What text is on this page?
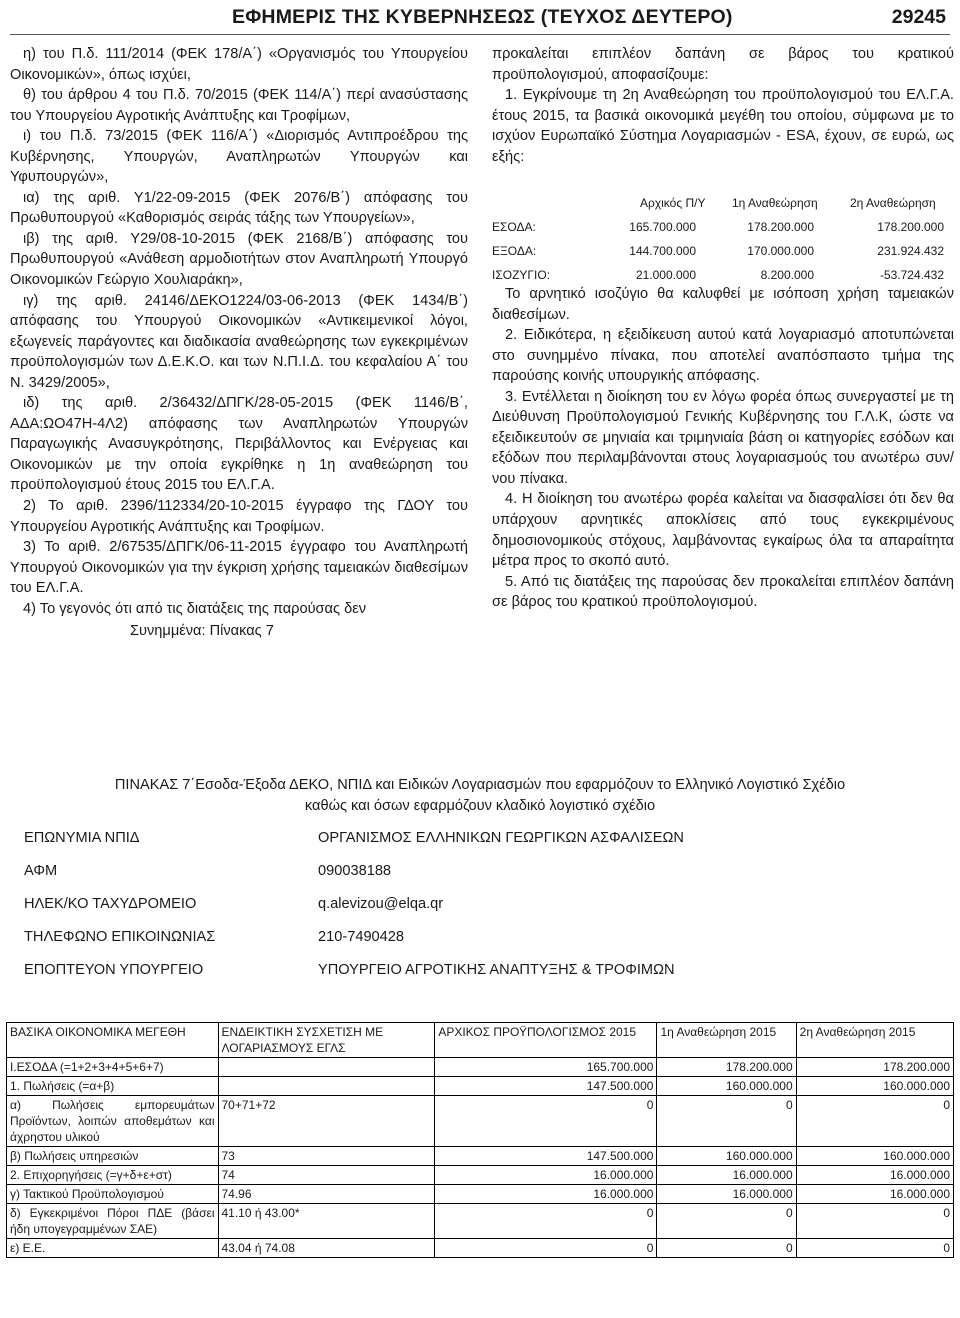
ΕΦΗΜΕΡΙΣ ΤΗΣ ΚΥΒΕΡΝΗΣΕΩΣ (ΤΕΥΧΟΣ ΔΕΥΤΕΡΟ)	29245

η) του Π.δ. 111/2014 (ΦΕΚ 178/Α΄) «Οργανισμός του Υπουργείου Οικονομικών», όπως ισχύει,

θ) του άρθρου 4 του Π.δ. 70/2015 (ΦΕΚ 114/Α΄) περί ανασύστασης του Υπουργείου Αγροτικής Ανάπτυξης και Τροφίμων,

ι) του Π.δ. 73/2015 (ΦΕΚ 116/Α΄) «Διορισμός Αντιπροέδρου της Κυβέρνησης, Υπουργών, Αναπληρωτών Υπουργών και Υφυπουργών»,

ια) της αριθ. Υ1/22-09-2015 (ΦΕΚ 2076/Β΄) απόφασης του Πρωθυπουργού «Καθορισμός σειράς τάξης των Υπουργείων»,

ιβ) της αριθ. Υ29/08-10-2015 (ΦΕΚ 2168/Β΄) απόφασης του Πρωθυπουργού «Ανάθεση αρμοδιοτήτων στον Αναπληρωτή Υπουργό Οικονομικών Γεώργιο Χουλιαράκη»,

ιγ) της αριθ. 24146/ΔΕΚΟ1224/03-06-2013 (ΦΕΚ 1434/Β΄) απόφασης του Υπουργού Οικονομικών «Αντικειμενικοί λόγοι, εξωγενείς παράγοντες και διαδικασία αναθεώρησης των εγκεκριμένων προϋπολογισμών των Δ.Ε.Κ.Ο. και των Ν.Π.Ι.Δ. του κεφαλαίου Α΄ του Ν. 3429/2005»,

ιδ) της αριθ. 2/36432/ΔΠΓΚ/28-05-2015 (ΦΕΚ 1146/Β΄, ΑΔΑ:ΩΟ47Η-4Λ2) απόφασης των Αναπληρωτών Υπουργών Παραγωγικής Ανασυγκρότησης, Περιβάλλοντος και Ενέργειας και Οικονομικών με την οποία εγκρίθηκε η 1η αναθεώρηση του προϋπολογισμού έτους 2015 του ΕΛ.Γ.Α.

2) Το αριθ. 2396/112334/20-10-2015 έγγραφο της ΓΔΟΥ του Υπουργείου Αγροτικής Ανάπτυξης και Τροφίμων.

3) Το αριθ. 2/67535/ΔΠΓΚ/06-11-2015 έγγραφο του Αναπληρωτή Υπουργού Οικονομικών για την έγκριση χρήσης ταμειακών διαθεσίμων του ΕΛ.Γ.Α.

4) Το γεγονός ότι από τις διατάξεις της παρούσας δεν

Συνημμένα: Πίνακας 7

προκαλείται επιπλέον δαπάνη σε βάρος του κρατικού προϋπολογισμού, αποφασίζουμε:

1. Εγκρίνουμε τη 2η Αναθεώρηση του προϋπολογισμού του ΕΛ.Γ.Α. έτους 2015, τα βασικά οικονομικά μεγέθη του οποίου, σύμφωνα με το ισχύον Ευρωπαϊκό Σύστημα Λογαριασμών - ESA, έχουν, σε ευρώ, ως εξής:

Αρχικός Π/Υ 1η Αναθεώρηση	2η Αναθεώρηση
ΕΣΟΔΑ:	165.700.000	178.200.000	178.200.000
ΕΞΟΔΑ:	144.700.000	170.000.000	231.924.432
ΙΣΟΖΥΓΙΟ:	21.000.000	8.200.000	-53.724.432

Το αρνητικό ισοζύγιο θα καλυφθεί με ισόποση χρήση ταμειακών διαθεσίμων.

2. Ειδικότερα, η εξειδίκευση αυτού κατά λογαριασμό αποτυπώνεται στο συνημμένο πίνακα, που αποτελεί αναπόσπαστο τμήμα της παρούσης κοινής υπουργικής απόφασης.

3. Εντέλλεται η διοίκηση του εν λόγω φορέα όπως συνεργαστεί με τη Διεύθυνση Προϋπολογισμού Γενικής Κυβέρνησης του Γ.Λ.Κ, ώστε να εξειδικευτούν σε μηνιαία και τριμηνιαία βάση οι κατηγορίες εσόδων και εξόδων που περιλαμβάνονται στους λογαριασμούς του ανωτέρω συν/νου πίνακα.

4. Η διοίκηση του ανωτέρω φορέα καλείται να διασφαλίσει ότι δεν θα υπάρχουν αρνητικές αποκλίσεις από τους εγκεκριμένους δημοσιονομικούς στόχους, λαμβάνοντας εγκαίρως όλα τα απαραίτητα μέτρα προς το σκοπό αυτό.

5. Από τις διατάξεις της παρούσας δεν προκαλείται επιπλέον δαπάνη σε βάρος του κρατικού προϋπολογισμού.

ΠΙΝΑΚΑΣ 7΄Εσοδα-Έξοδα ΔΕΚΟ, ΝΠΙΔ και Ειδικών Λογαριασμών που εφαρμόζουν το Ελληνικό Λογιστικό Σχέδιο
καθώς και όσων εφαρμόζουν κλαδικό λογιστικό σχέδιο
ΕΠΩΝΥΜΙΑ ΝΠΙΔ	ΟΡΓΑΝΙΣΜΟΣ ΕΛΛΗΝΙΚΩΝ ΓΕΩΡΓΙΚΩΝ ΑΣΦΑΛΙΣΕΩΝ
ΑΦΜ	090038188
ΗΛΕΚ/ΚΟ ΤΑΧΥΔΡΟΜΕΙΟ	q.alevizou@elqa.qr
ΤΗΛΕΦΩΝΟ ΕΠΙΚΟΙΝΩΝΙΑΣ	210-7490428
ΕΠΟΠΤΕΥΟΝ ΥΠΟΥΡΓΕΙΟ	ΥΠΟΥΡΓΕΙΟ ΑΓΡΟΤΙΚΗΣ ΑΝΑΠΤΥΞΗΣ & ΤΡΟΦΙΜΩΝ
ΒΑΣΙΚΑ ΟΙΚΟΝΟΜΙΚΑ ΜΕΓΕΘΗ	ΕΝΔΕΙΚΤΙΚΗ ΣΥΣΧΕΤΙΣΗ ΜΕ ΛΟΓΑΡΙΑΣΜΟΥΣ ΕΓΛΣ	ΑΡΧΙΚΟΣ ΠΡΟΫΠΟΛΟΓΙΣΜΟΣ 2015	1η Αναθεώρηση 2015	2η Αναθεώρηση 2015
Ι.ΕΣΟΔΑ (=1+2+3+4+5+6+7)		165.700.000	178.200.000	178.200.000
1. Πωλήσεις (=α+β)		147.500.000	160.000.000	160.000.000
α) Πωλήσεις εμπορευμάτων Προϊόντων, λοιπών αποθεμάτων και άχρηστου υλικού	70+71+72	0	0	0
β) Πωλήσεις υπηρεσιών	73	147.500.000	160.000.000	160.000.000
2. Επιχορηγήσεις (=γ+δ+ε+στ)	74	16.000.000	16.000.000	16.000.000
γ) Τακτικού Προϋπολογισμού	74.96	16.000.000	16.000.000	16.000.000
δ) Εγκεκριμένοι Πόροι ΠΔΕ (βάσει ήδη υπογεγραμμένων ΣΑΕ)	41.10 ή 43.00*	0	0	0
ε) Ε.Ε.	43.04 ή 74.08	0	0	0
